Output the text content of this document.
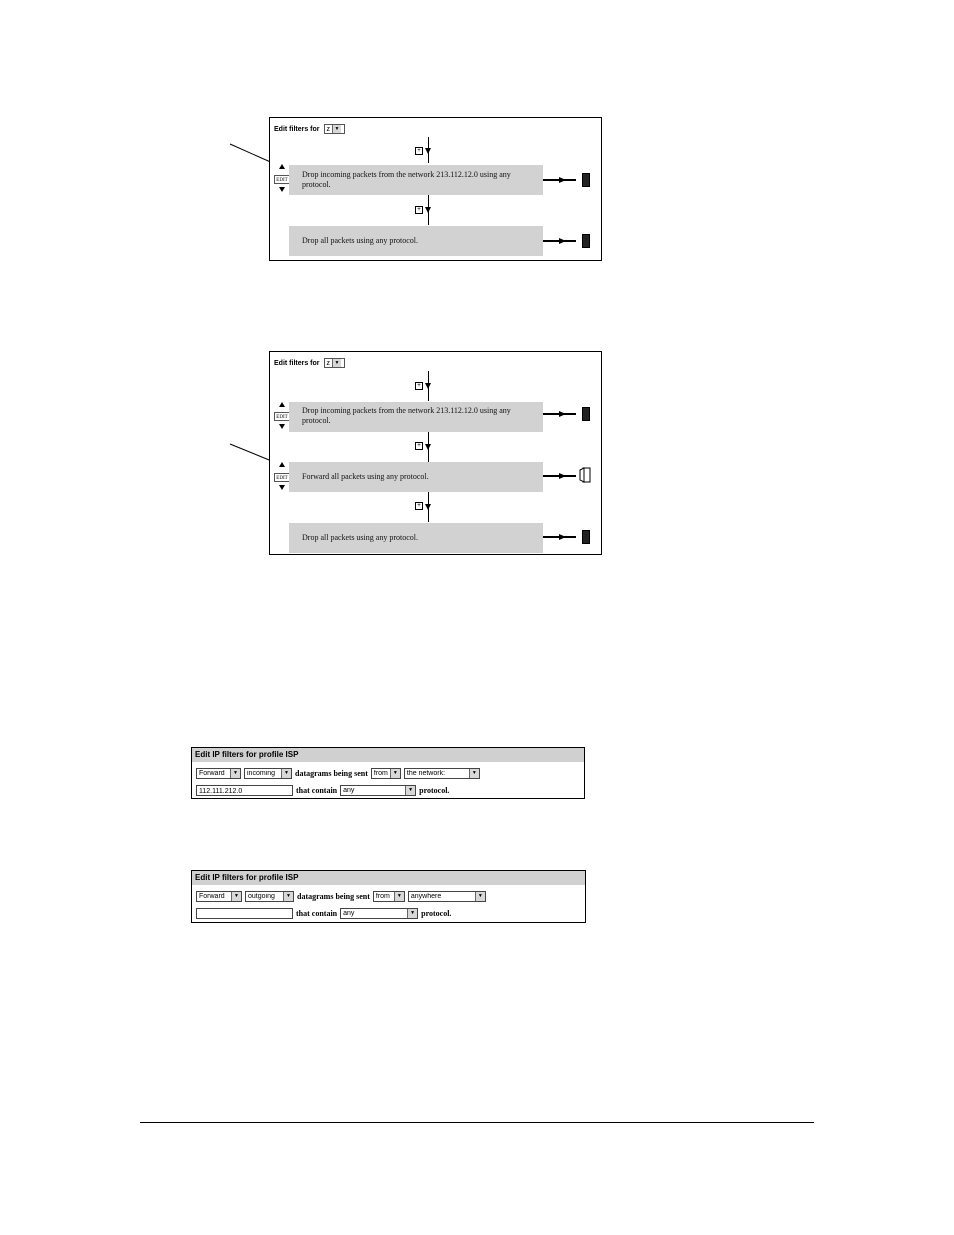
Edit filters for z ▼
+
EDIT
Drop incoming packets from the network 213.112.12.0 using any protocol.
+
Drop all packets using any protocol.
Edit filters for z ▼
+
EDIT
Drop incoming packets from the network 213.112.12.0 using any protocol.
+
EDIT	Forward all packets using any protocol.
+
Drop all packets using any protocol.
Edit IP filters for profile ISP
Forward	▼ incoming	▼ datagrams being sent from	▼ the network:	▼
112.111.212.0	that contain any	▼ protocol.
Edit IP filters for profile ISP
Forward	▼ outgoing	▼ datagrams being sent from	▼ anywhere	▼
that contain any	▼ protocol.
